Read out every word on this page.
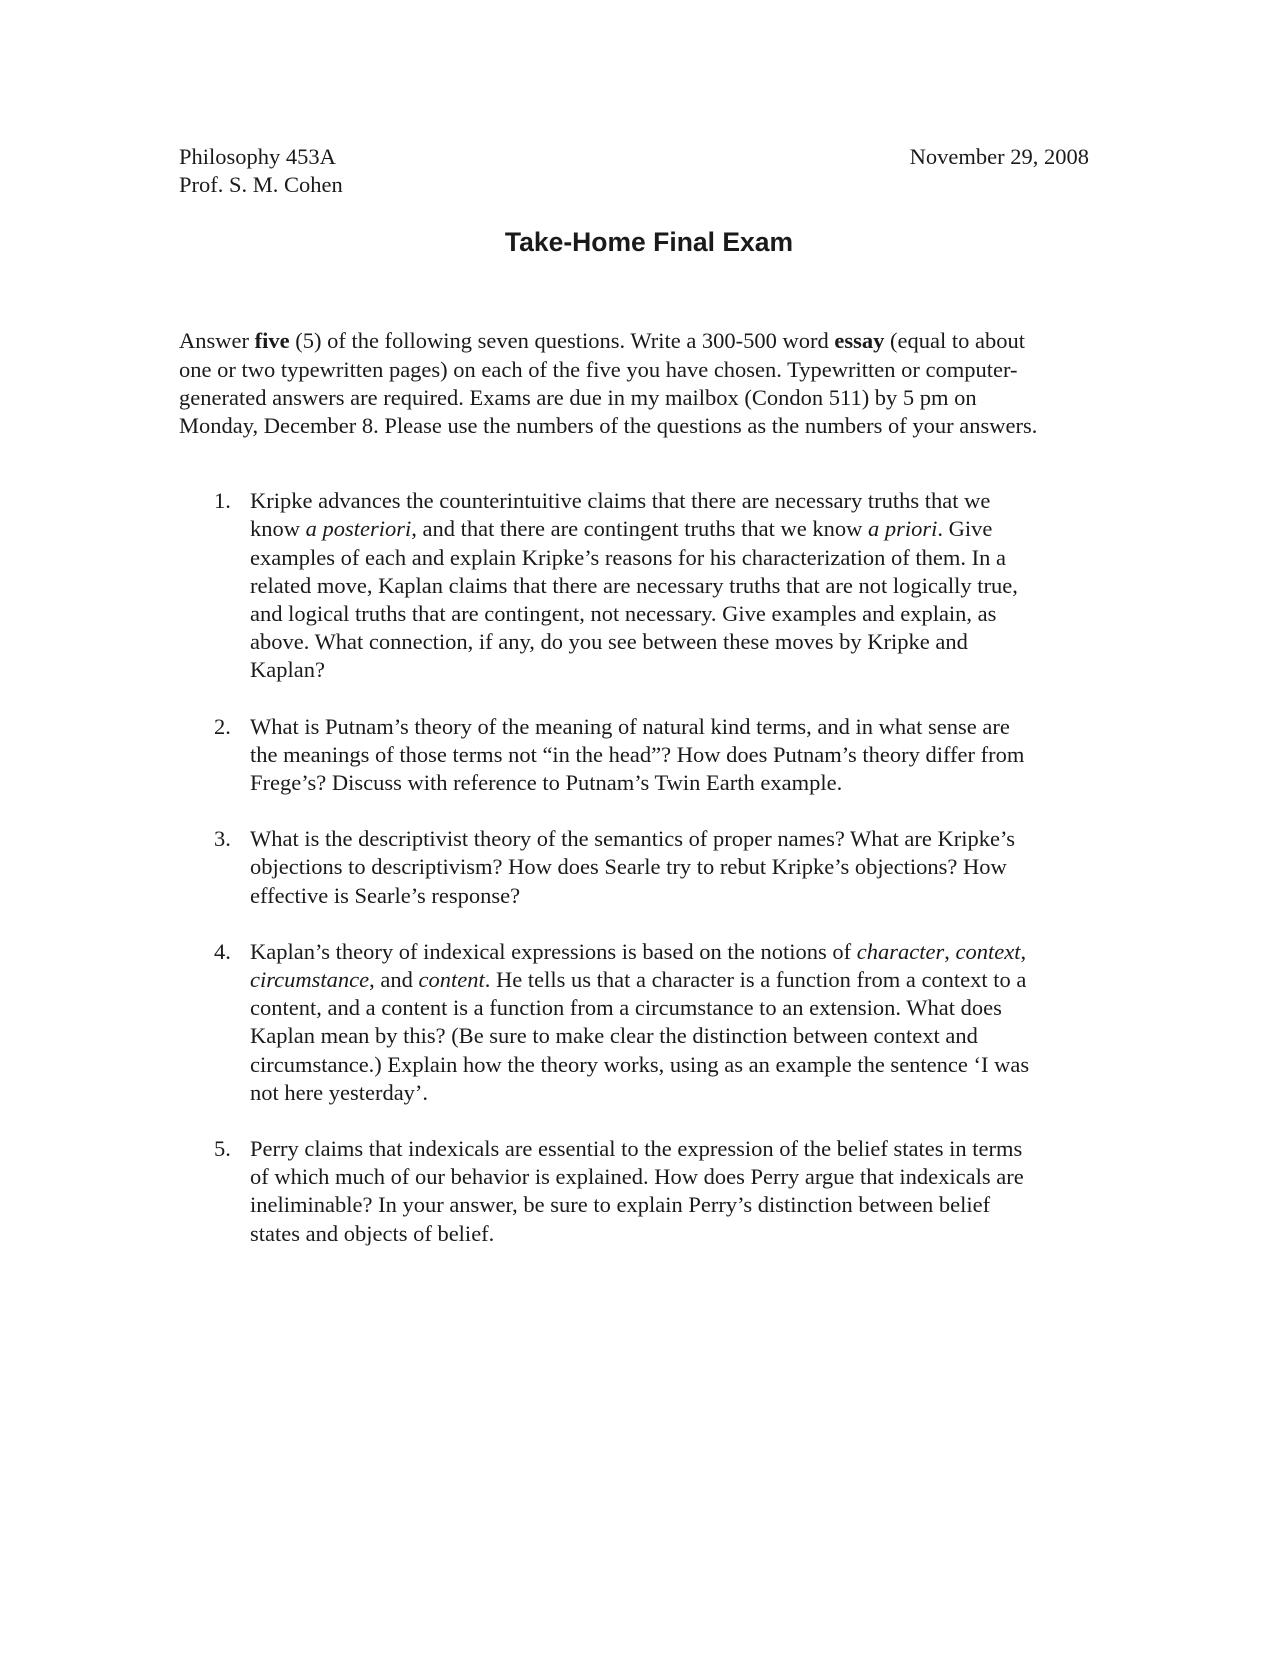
Philosophy 453A
Prof. S. M. Cohen
November 29, 2008
Take-Home Final Exam

Answer five (5) of the following seven questions. Write a 300-500 word essay (equal to about one or two typewritten pages) on each of the five you have chosen. Typewritten or computer-generated answers are required. Exams are due in my mailbox (Condon 511) by 5 pm on Monday, December 8. Please use the numbers of the questions as the numbers of your answers.

1. Kripke advances the counterintuitive claims that there are necessary truths that we know a posteriori, and that there are contingent truths that we know a priori. Give examples of each and explain Kripke’s reasons for his characterization of them. In a related move, Kaplan claims that there are necessary truths that are not logically true, and logical truths that are contingent, not necessary. Give examples and explain, as above. What connection, if any, do you see between these moves by Kripke and Kaplan?
2. What is Putnam’s theory of the meaning of natural kind terms, and in what sense are the meanings of those terms not “in the head”? How does Putnam’s theory differ from Frege’s? Discuss with reference to Putnam’s Twin Earth example.
3. What is the descriptivist theory of the semantics of proper names? What are Kripke’s objections to descriptivism? How does Searle try to rebut Kripke’s objections? How effective is Searle’s response?
4. Kaplan’s theory of indexical expressions is based on the notions of character, context, circumstance, and content. He tells us that a character is a function from a context to a content, and a content is a function from a circumstance to an extension. What does Kaplan mean by this? (Be sure to make clear the distinction between context and circumstance.) Explain how the theory works, using as an example the sentence ‘I was not here yesterday’.
5. Perry claims that indexicals are essential to the expression of the belief states in terms of which much of our behavior is explained. How does Perry argue that indexicals are ineliminable? In your answer, be sure to explain Perry’s distinction between belief states and objects of belief.
